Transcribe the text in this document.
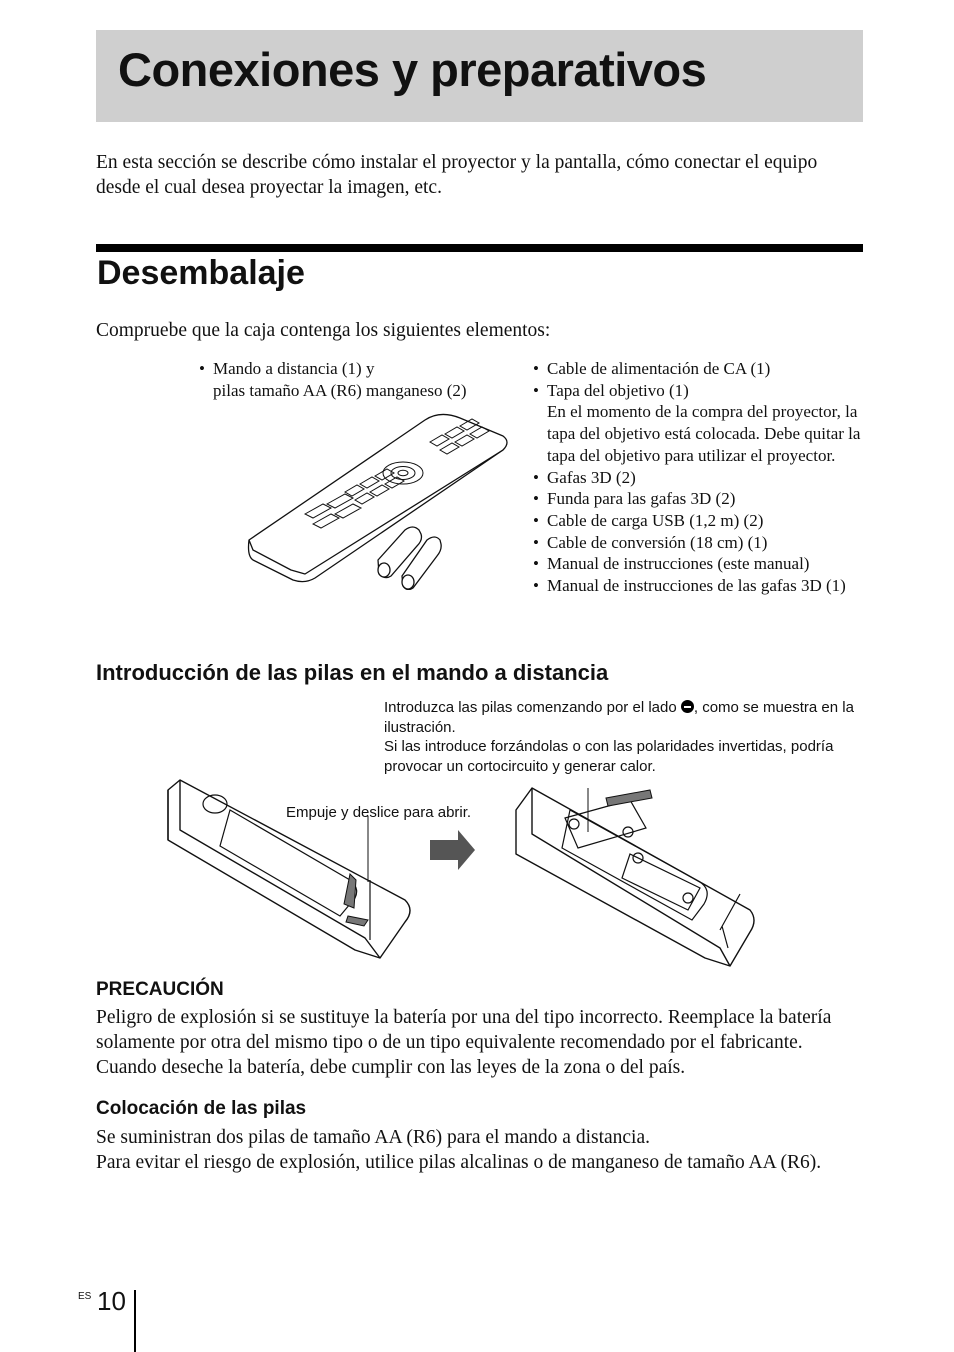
Conexiones y preparativos
En esta sección se describe cómo instalar el proyector y la pantalla, cómo conectar el equipo desde el cual desea proyectar la imagen, etc.
Desembalaje
Compruebe que la caja contenga los siguientes elementos:
• Mando a distancia (1) y
pilas tamaño AA (R6) manganeso (2)
• Cable de alimentación de CA (1)
• Tapa del objetivo (1)
En el momento de la compra del proyector, la tapa del objetivo está colocada. Debe quitar la tapa del objetivo para utilizar el proyector.
• Gafas 3D (2)
• Funda para las gafas 3D (2)
• Cable de carga USB (1,2 m) (2)
• Cable de conversión (18 cm) (1)
• Manual de instrucciones (este manual)
• Manual de instrucciones de las gafas 3D (1)
Introducción de las pilas en el mando a distancia
Introduzca las pilas comenzando por el lado , como se muestra en la ilustración.
Si las introduce forzándolas o con las polaridades invertidas, podría provocar un cortocircuito y generar calor.
Empuje y deslice para abrir.
PRECAUCIÓN
Peligro de explosión si se sustituye la batería por una del tipo incorrecto. Reemplace la batería solamente por otra del mismo tipo o de un tipo equivalente recomendado por el fabricante. Cuando deseche la batería, debe cumplir con las leyes de la zona o del país.
Colocación de las pilas
Se suministran dos pilas de tamaño AA (R6) para el mando a distancia.
Para evitar el riesgo de explosión, utilice pilas alcalinas o de manganeso de tamaño AA (R6).
ES 10
